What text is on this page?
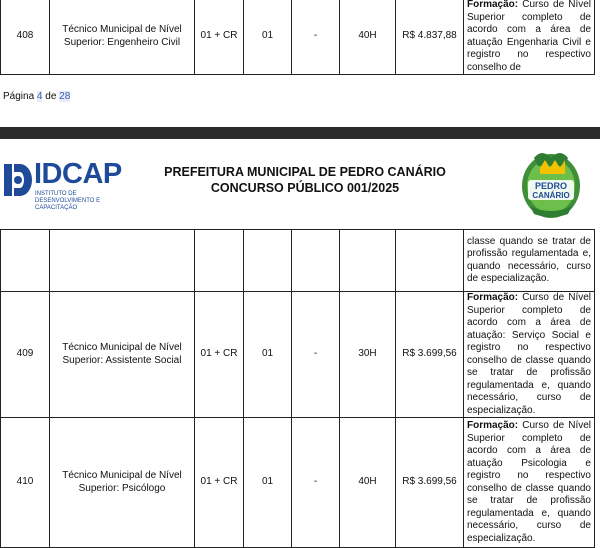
408	Técnico Municipal de Nível Superior: Engenheiro Civil	01 + CR	01	-	40H	R$ 4.837,88	Formação: Curso de Nível Superior completo de acordo com a área de atuação Engenharia Civil e registro no respectivo conselho de
Página 4 de 28
IDCAP
INSTITUTO DE DESENVOLVIMENTO E CAPACITAÇÃO
PREFEITURA MUNICIPAL DE PEDRO CANÁRIO
CONCURSO PÚBLICO 001/2025	PEDRO
CANÁRIO
							classe quando se tratar de profissão regulamentada e, quando necessário, curso de especialização.
409	Técnico Municipal de Nível Superior: Assistente Social	01 + CR	01	-	30H	R$ 3.699,56	Formação: Curso de Nível Superior completo de acordo com a área de atuação: Serviço Social e registro no respectivo conselho de classe quando se tratar de profissão regulamentada e, quando necessário, curso de especialização.
410	Técnico Municipal de Nível Superior: Psicólogo	01 + CR	01	-	40H	R$ 3.699,56	Formação: Curso de Nível Superior completo de acordo com a área de atuação Psicologia e registro no respectivo conselho de classe quando se tratar de profissão regulamentada e, quando necessário, curso de especialização.
